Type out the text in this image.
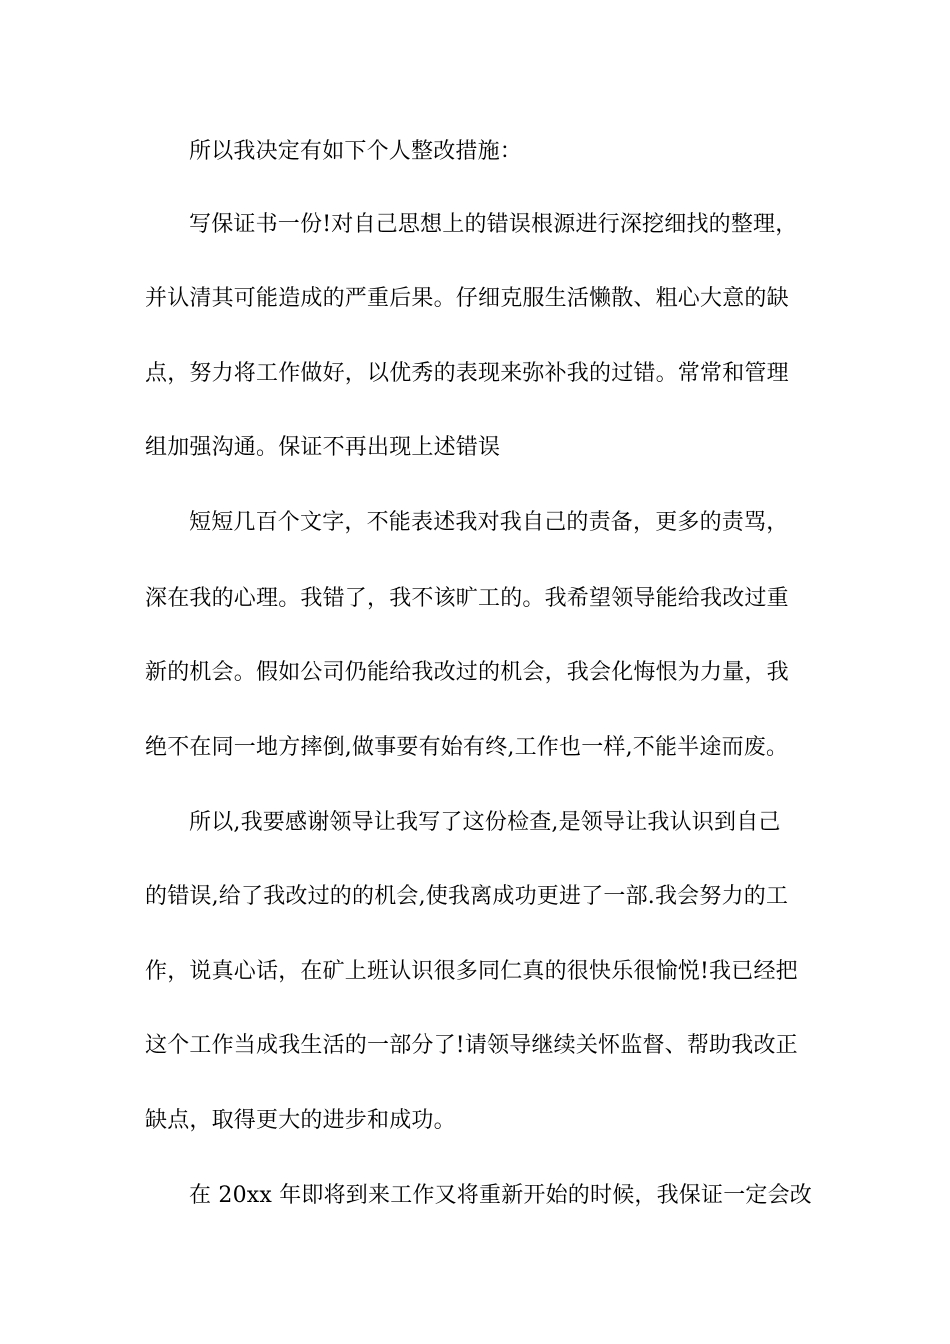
所以我决定有如下个人整改措施：
写保证书一份!对自己思想上的错误根源进行深挖细找的整理，
并认清其可能造成的严重后果。仔细克服生活懒散、粗心大意的缺
点，努力将工作做好，以优秀的表现来弥补我的过错。常常和管理
组加强沟通。保证不再出现上述错误
短短几百个文字，不能表述我对我自己的责备，更多的责骂，
深在我的心理。我错了，我不该旷工的。我希望领导能给我改过重
新的机会。假如公司仍能给我改过的机会，我会化悔恨为力量，我
绝不在同一地方摔倒,做事要有始有终,工作也一样,不能半途而废。
所以,我要感谢领导让我写了这份检查,是领导让我认识到自己
的错误,给了我改过的的机会,使我离成功更进了一部.我会努力的工
作，说真心话，在矿上班认识很多同仁真的很快乐很愉悦!我已经把
这个工作当成我生活的一部分了!请领导继续关怀监督、帮助我改正
缺点，取得更大的进步和成功。
在 20xx 年即将到来工作又将重新开始的时候，我保证一定会改
